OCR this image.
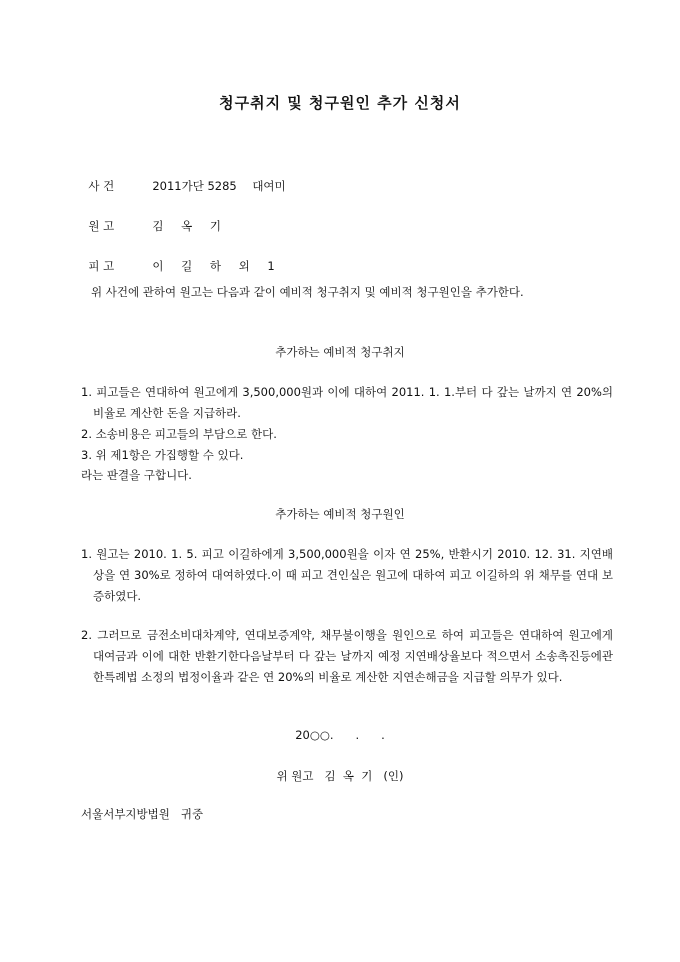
청구취지 및 청구원인 추가 신청서

사 건	2011가단 5285 대여미

원 고	김 옥 기

피 고	이 길 하 외 1

위 사건에 관하여 원고는 다음과 같이 예비적 청구취지 및 예비적 청구원인을 추가한다.
추가하는 예비적 청구취지
1. 피고들은 연대하여 원고에게 3,500,000원과 이에 대하여 2011. 1. 1.부터 다 갚는 날까지 연 20%의 비율로 계산한 돈을 지급하라.
2. 소송비용은 피고들의 부담으로 한다.
3. 위 제1항은 가집행할 수 있다.
라는 판결을 구합니다.
추가하는 예비적 청구원인
1. 원고는 2010. 1. 5. 피고 이길하에게 3,500,000원을 이자 연 25%, 반환시기 2010. 12. 31. 지연배상을 연 30%로 정하여 대여하였다.이 때 피고 견인실은 원고에 대하여 피고 이길하의 위 채무를 연대 보증하였다.
2. 그러므로 금전소비대차계약, 연대보증계약, 채무불이행을 원인으로 하여 피고들은 연대하여 원고에게 대여금과 이에 대한 반환기한다음날부터 다 갚는 날까지 예정 지연배상율보다 적으면서 소송촉진등에관한특례법 소정의 법정이율과 같은 연 20%의 비율로 계산한 지연손해금을 지급할 의무가 있다.
20○○.      .      .
위 원고   김  옥  기   (인)
서울서부지방법원   귀중
